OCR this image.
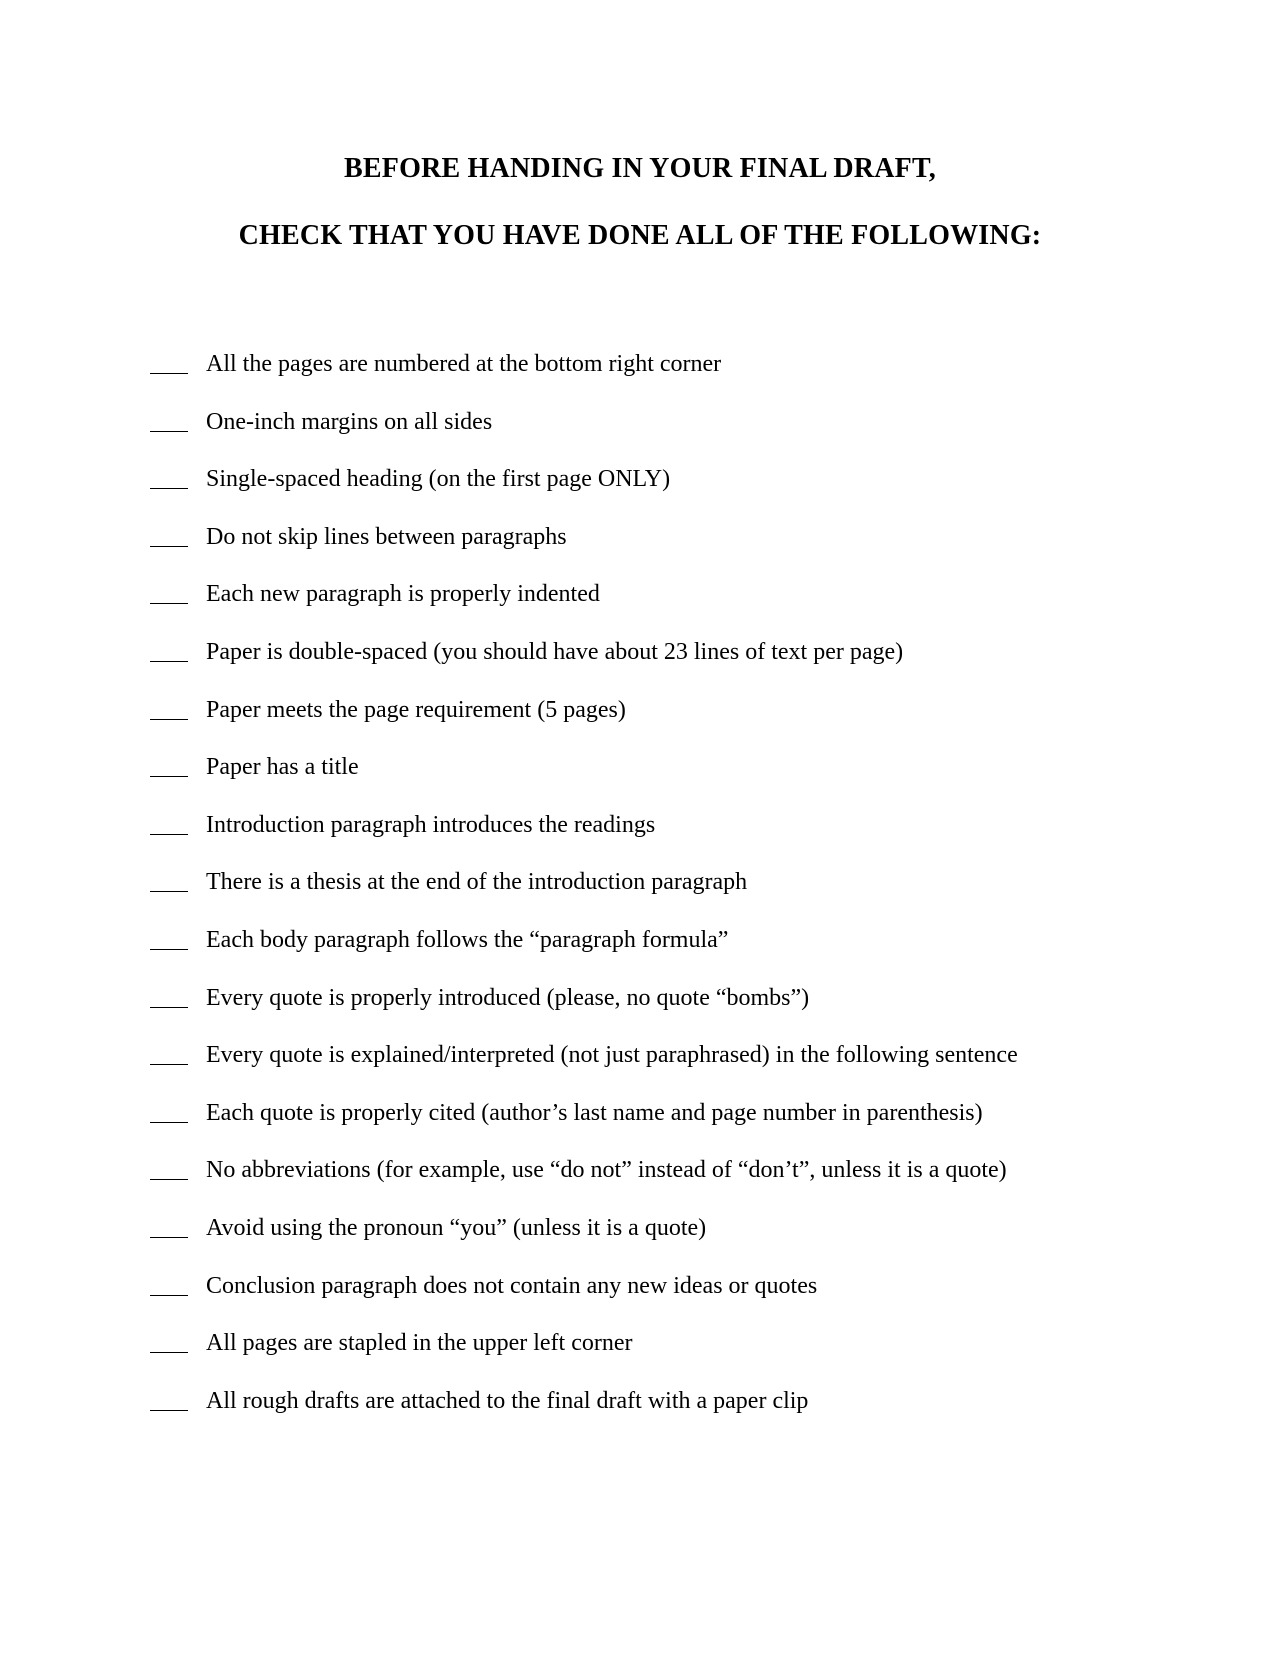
BEFORE HANDING IN YOUR FINAL DRAFT,
CHECK THAT YOU HAVE DONE ALL OF THE FOLLOWING:
All the pages are numbered at the bottom right corner
One-inch margins on all sides
Single-spaced heading (on the first page ONLY)
Do not skip lines between paragraphs
Each new paragraph is properly indented
Paper is double-spaced (you should have about 23 lines of text per page)
Paper meets the page requirement (5 pages)
Paper has a title
Introduction paragraph introduces the readings
There is a thesis at the end of the introduction paragraph
Each body paragraph follows the “paragraph formula”
Every quote is properly introduced (please, no quote “bombs”)
Every quote is explained/interpreted (not just paraphrased) in the following sentence
Each quote is properly cited (author’s last name and page number in parenthesis)
No abbreviations (for example, use “do not” instead of “don’t”, unless it is a quote)
Avoid using the pronoun “you” (unless it is a quote)
Conclusion paragraph does not contain any new ideas or quotes
All pages are stapled in the upper left corner
All rough drafts are attached to the final draft with a paper clip
